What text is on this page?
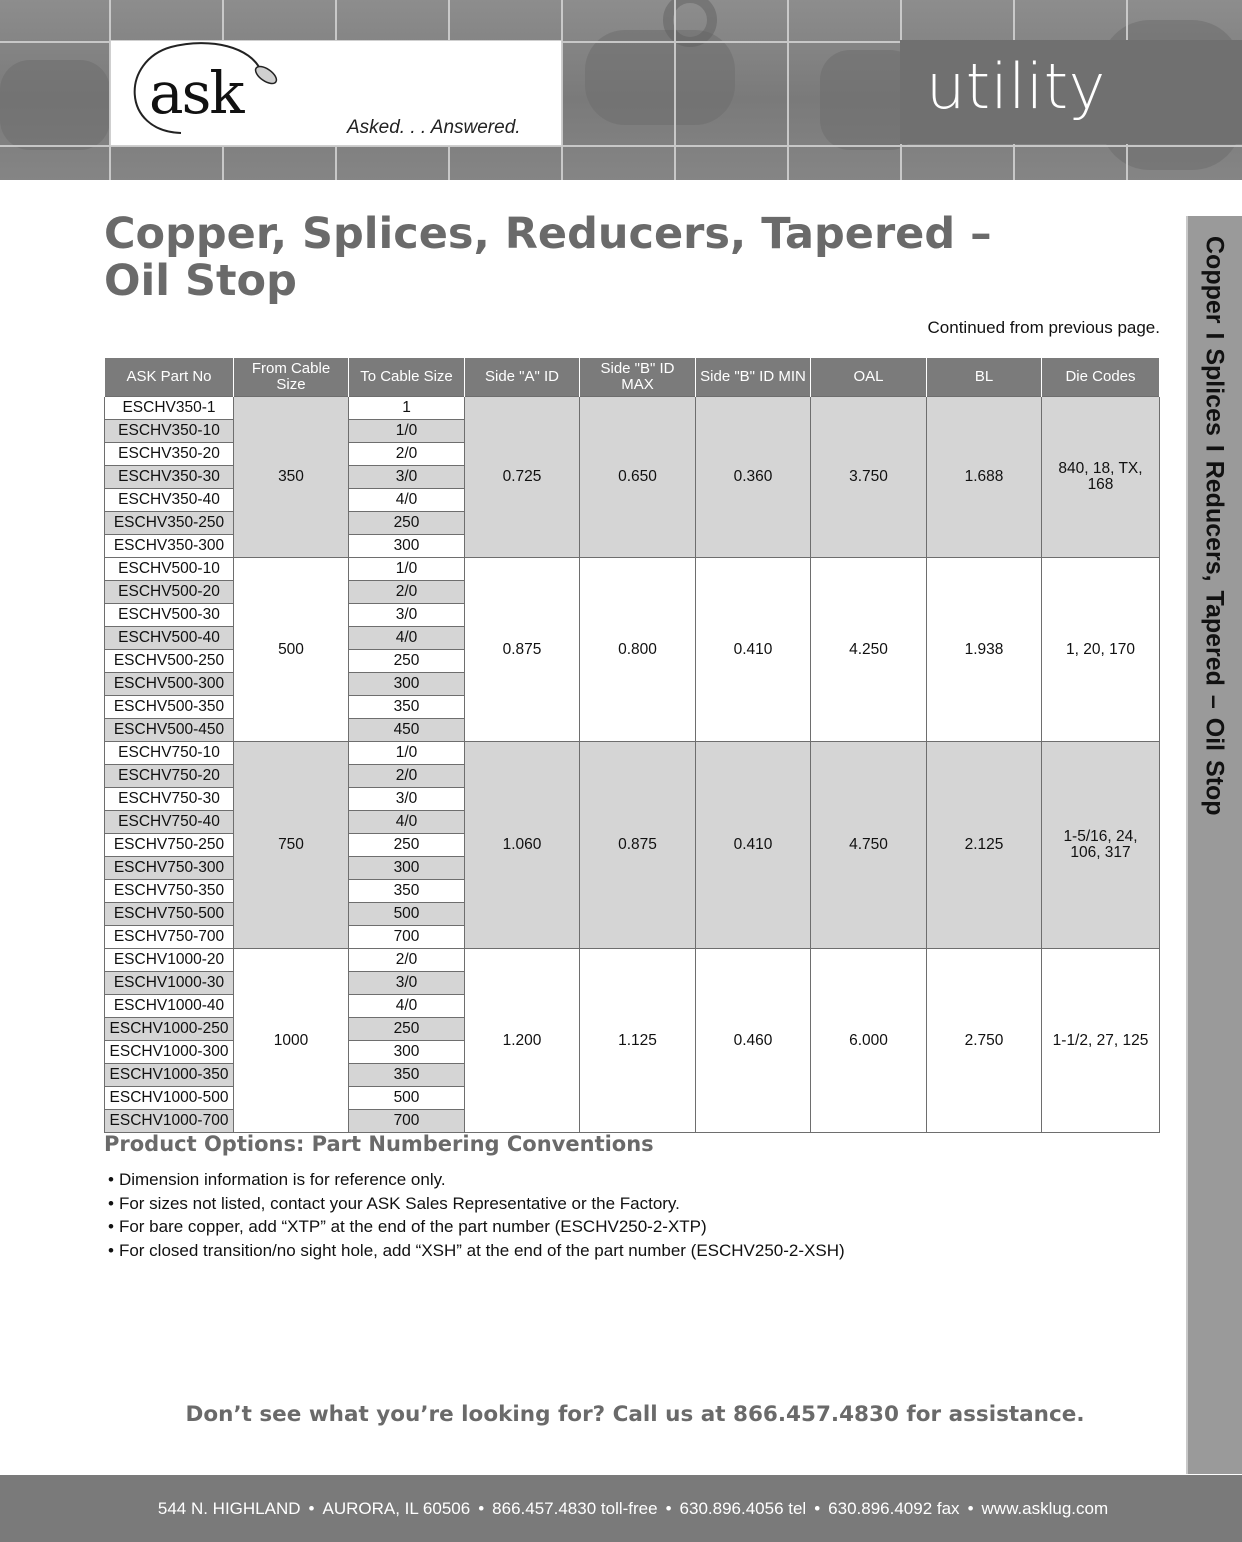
ask
Asked. . . Answered.
utility
Copper I Splices I Reducers, Tapered – Oil Stop
Copper, Splices, Reducers, Tapered –
Oil Stop
Continued from previous page.
ASK Part No	From Cable Size	To Cable Size	Side "A" ID	Side "B" ID MAX	Side "B" ID MIN	OAL	BL	Die Codes
ESCHV350-1	350	1	0.725	0.650	0.360	3.750	1.688	840, 18, TX, 168
ESCHV350-10		1/0						
ESCHV350-20		2/0						
ESCHV350-30		3/0						
ESCHV350-40		4/0						
ESCHV350-250		250						
ESCHV350-300		300						
ESCHV500-10	500	1/0	0.875	0.800	0.410	4.250	1.938	1, 20, 170
ESCHV500-20		2/0						
ESCHV500-30		3/0						
ESCHV500-40		4/0						
ESCHV500-250		250						
ESCHV500-300		300						
ESCHV500-350		350						
ESCHV500-450		450						
ESCHV750-10	750	1/0	1.060	0.875	0.410	4.750	2.125	1-5/16, 24, 106, 317
ESCHV750-20		2/0						
ESCHV750-30		3/0						
ESCHV750-40		4/0						
ESCHV750-250		250						
ESCHV750-300		300						
ESCHV750-350		350						
ESCHV750-500		500						
ESCHV750-700		700						
ESCHV1000-20	1000	2/0	1.200	1.125	0.460	6.000	2.750	1-1/2, 27, 125
ESCHV1000-30		3/0						
ESCHV1000-40		4/0						
ESCHV1000-250		250						
ESCHV1000-300		300						
ESCHV1000-350		350						
ESCHV1000-500		500						
ESCHV1000-700		700						
Product Options: Part Numbering Conventions
• Dimension information is for reference only.
• For sizes not listed, contact your ASK Sales Representative or the Factory.
• For bare copper, add “XTP” at the end of the part number (ESCHV250-2-XTP)
• For closed transition/no sight hole, add “XSH” at the end of the part number (ESCHV250-2-XSH)
Don’t see what you’re looking for? Call us at 866.457.4830 for assistance.
544 N. HIGHLAND • AURORA, IL 60506 • 866.457.4830 toll-free • 630.896.4056 tel • 630.896.4092 fax • www.asklug.com
